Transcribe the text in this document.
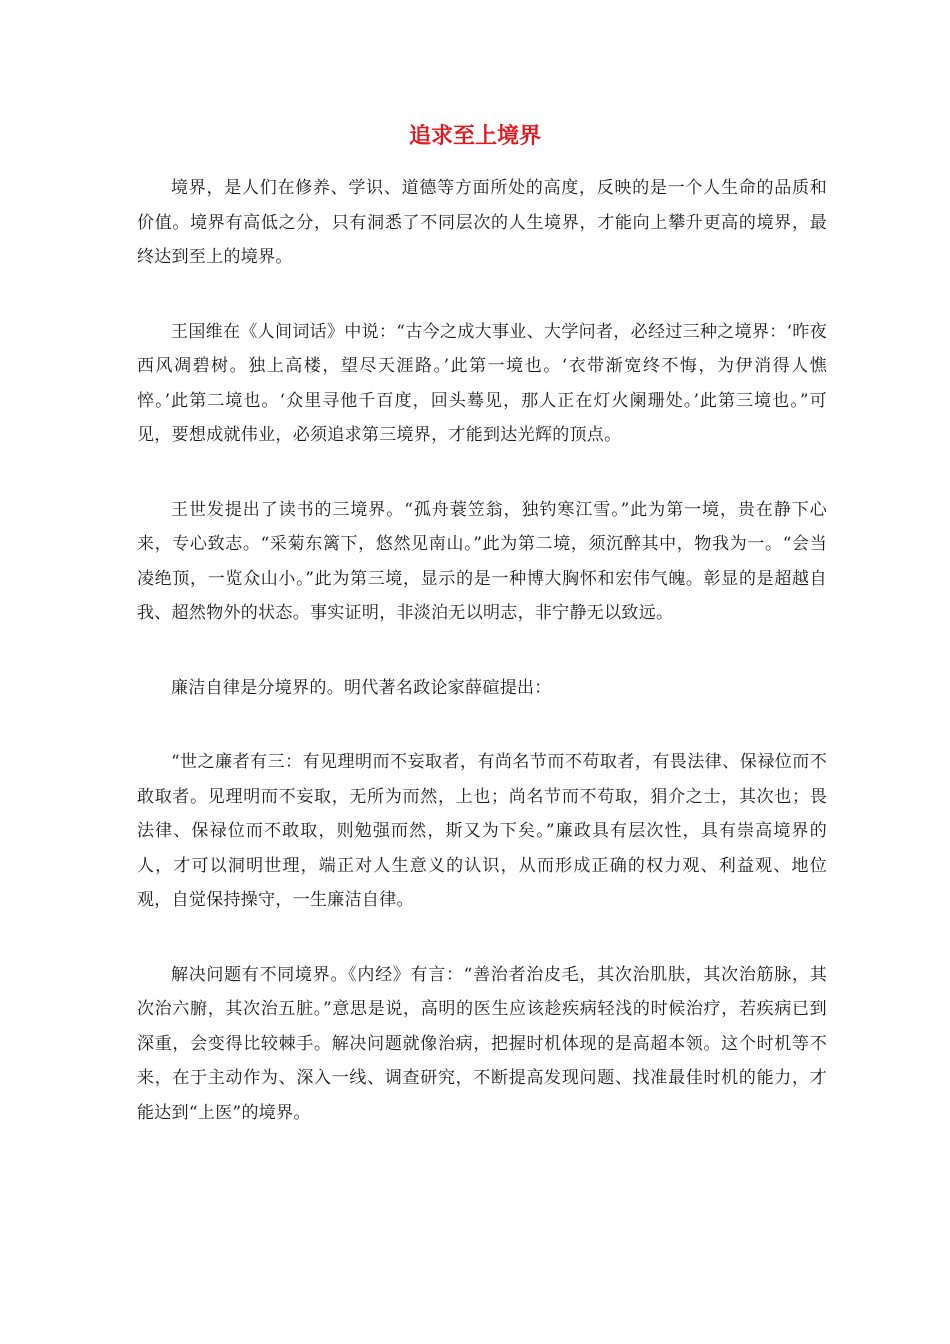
追求至上境界

境界，是人们在修养、学识、道德等方面所处的高度，反映的是一个人生命的品质和价值。境界有高低之分，只有洞悉了不同层次的人生境界，才能向上攀升更高的境界，最终达到至上的境界。

王国维在《人间词话》中说：“古今之成大事业、大学问者，必经过三种之境界：‘昨夜西风凋碧树。独上高楼，望尽天涯路。’此第一境也。‘衣带渐宽终不悔，为伊消得人憔悴。’此第二境也。‘众里寻他千百度，回头蓦见，那人正在灯火阑珊处。’此第三境也。”可见，要想成就伟业，必须追求第三境界，才能到达光辉的顶点。

王世发提出了读书的三境界。“孤舟蓑笠翁，独钓寒江雪。”此为第一境，贵在静下心来，专心致志。“采菊东篱下，悠然见南山。”此为第二境，须沉醉其中，物我为一。“会当凌绝顶，一览众山小。”此为第三境，显示的是一种博大胸怀和宏伟气魄。彰显的是超越自我、超然物外的状态。事实证明，非淡泊无以明志，非宁静无以致远。

廉洁自律是分境界的。明代著名政论家薛碹提出：

“世之廉者有三：有见理明而不妄取者，有尚名节而不苟取者，有畏法律、保禄位而不敢取者。见理明而不妄取，无所为而然，上也；尚名节而不苟取，狷介之士，其次也；畏法律、保禄位而不敢取，则勉强而然，斯又为下矣。”廉政具有层次性，具有崇高境界的人，才可以洞明世理，端正对人生意义的认识，从而形成正确的权力观、利益观、地位观，自觉保持操守，一生廉洁自律。

解决问题有不同境界。《内经》有言：“善治者治皮毛，其次治肌肤，其次治筋脉，其次治六腑，其次治五脏。”意思是说，高明的医生应该趁疾病轻浅的时候治疗，若疾病已到深重，会变得比较棘手。解决问题就像治病，把握时机体现的是高超本领。这个时机等不来，在于主动作为、深入一线、调查研究，不断提高发现问题、找准最佳时机的能力，才能达到“上医”的境界。
